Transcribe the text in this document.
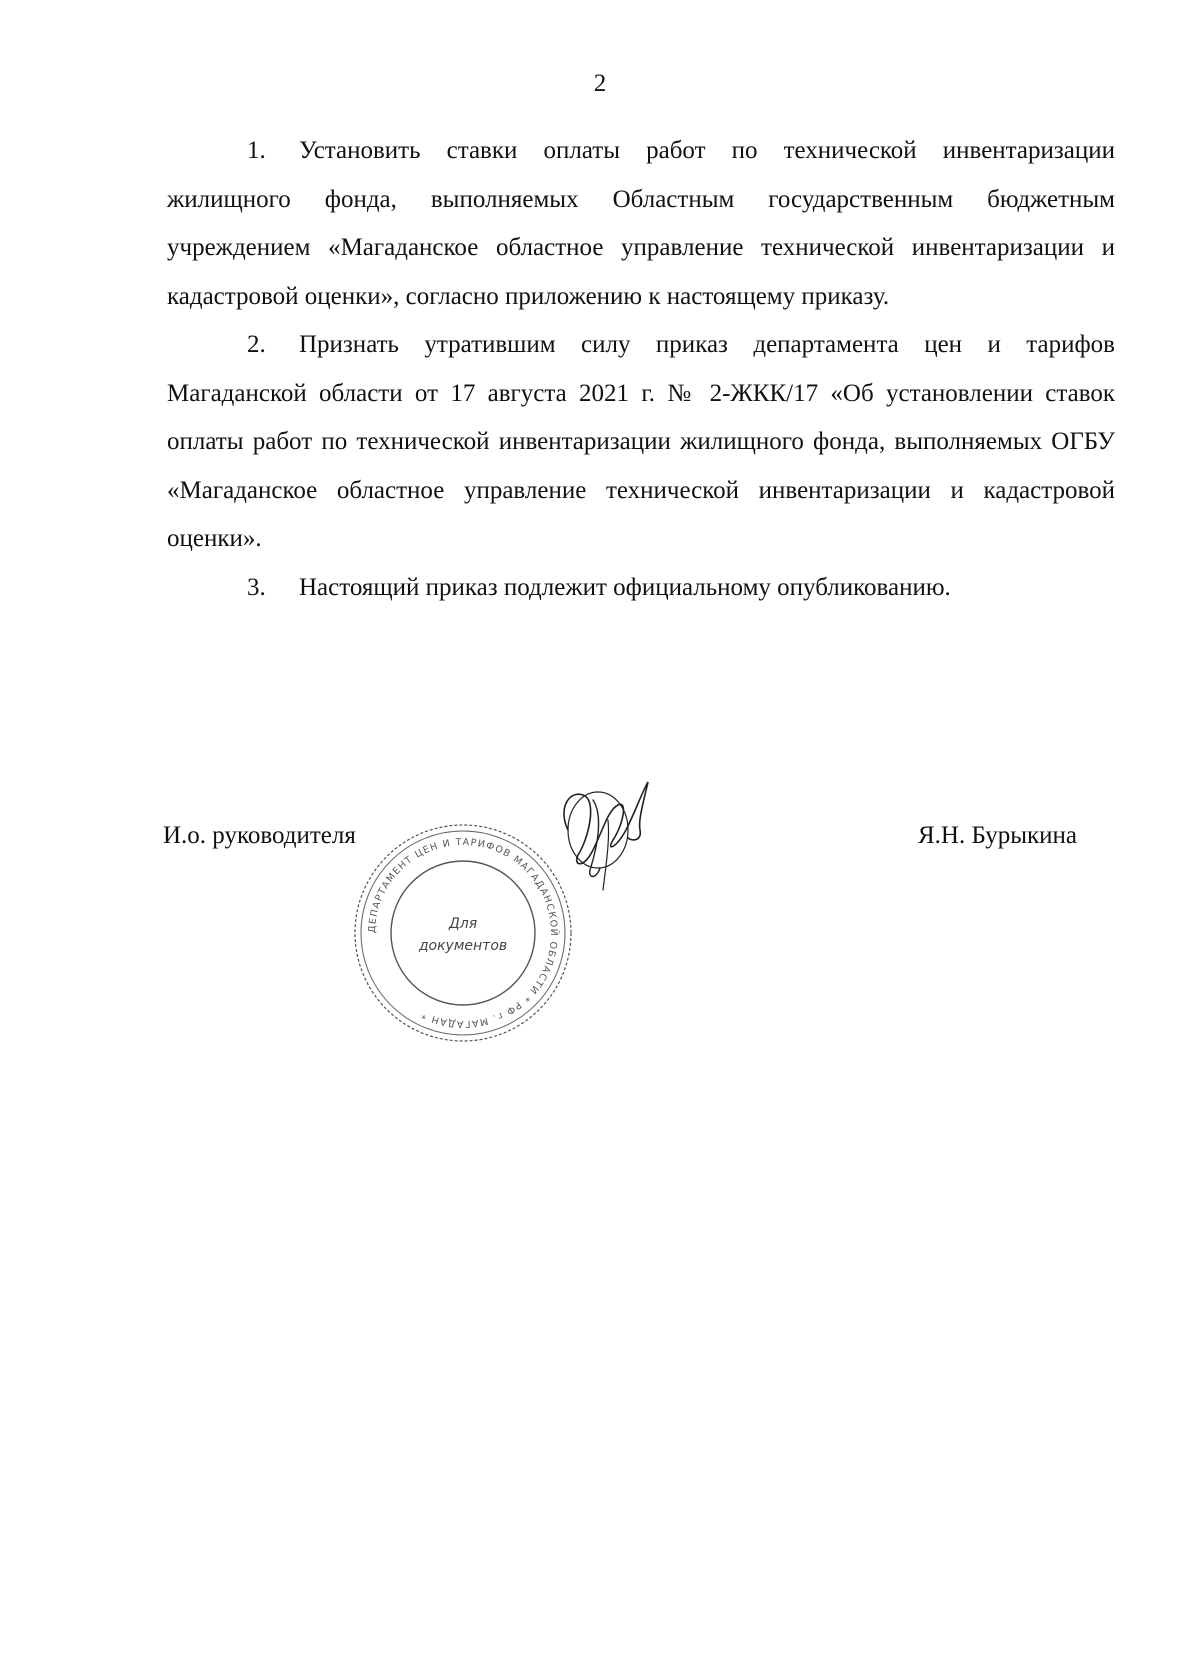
2

1. Установить ставки оплаты работ по технической инвентаризации жилищного фонда, выполняемых Областным государственным бюджетным учреждением «Магаданское областное управление технической инвентаризации и кадастровой оценки», согласно приложению к настоящему приказу.

2. Признать утратившим силу приказ департамента цен и тарифов Магаданской области от 17 августа 2021 г. № 2-ЖКК/17 «Об установлении ставок оплаты работ по технической инвентаризации жилищного фонда, выполняемых ОГБУ «Магаданское областное управление технической инвентаризации и кадастровой оценки».

3. Настоящий приказ подлежит официальному опубликованию.

И.о. руководителя	Я.Н. Бурыкина
ДЕПАРТАМЕНТ ЦЕН И ТАРИФОВ МАГАДАНСКОЙ ОБЛАСТИ * РФ г. МАГАДАН *
Для
документов
